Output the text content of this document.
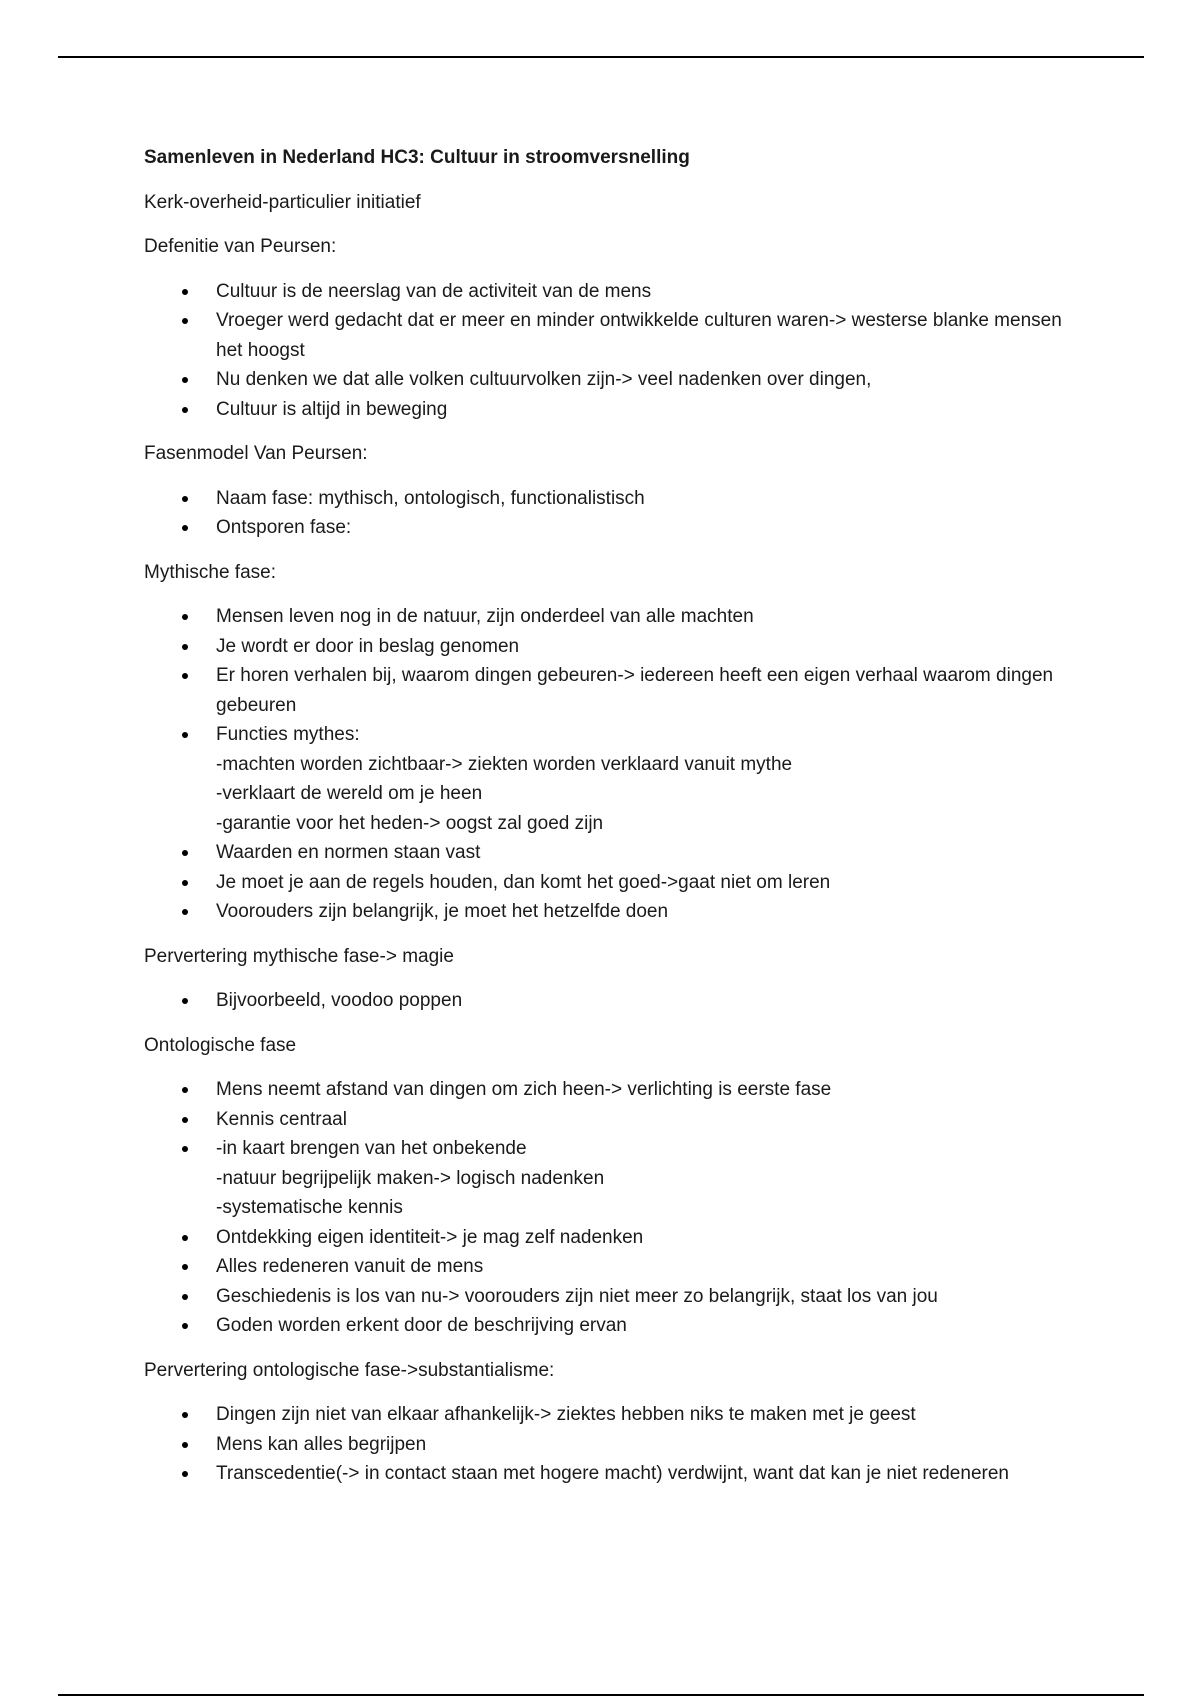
Samenleven in Nederland HC3: Cultuur in stroomversnelling
Kerk-overheid-particulier initiatief
Defenitie van Peursen:
Cultuur is de neerslag van de activiteit van de mens
Vroeger werd gedacht dat er meer en minder ontwikkelde culturen waren-> westerse blanke mensen het hoogst
Nu denken we dat alle volken cultuurvolken zijn-> veel nadenken over dingen,
Cultuur is altijd in beweging
Fasenmodel Van Peursen:
Naam fase: mythisch, ontologisch, functionalistisch
Ontsporen fase:
Mythische fase:
Mensen leven nog in de natuur, zijn onderdeel van alle machten
Je wordt er door in beslag genomen
Er horen verhalen bij, waarom dingen gebeuren-> iedereen heeft een eigen verhaal waarom dingen gebeuren
Functies mythes:
-machten worden zichtbaar-> ziekten worden verklaard vanuit mythe
-verklaart de wereld om je heen
-garantie voor het heden-> oogst zal goed zijn
Waarden en normen staan vast
Je moet je aan de regels houden, dan komt het goed->gaat niet om leren
Voorouders zijn belangrijk, je moet het hetzelfde doen
Pervertering mythische fase-> magie
Bijvoorbeeld, voodoo poppen
Ontologische fase
Mens neemt afstand van dingen om zich heen-> verlichting is eerste fase
Kennis centraal
-in kaart brengen van het onbekende
-natuur begrijpelijk maken-> logisch nadenken
-systematische kennis
Ontdekking eigen identiteit-> je mag zelf nadenken
Alles redeneren vanuit de mens
Geschiedenis is los van nu-> voorouders zijn niet meer zo belangrijk, staat los van jou
Goden worden erkent door de beschrijving ervan
Pervertering ontologische fase->substantialisme:
Dingen zijn niet van elkaar afhankelijk-> ziektes hebben niks te maken met je geest
Mens kan alles begrijpen
Transcedentie(-> in contact staan met hogere macht) verdwijnt, want dat kan je niet redeneren
